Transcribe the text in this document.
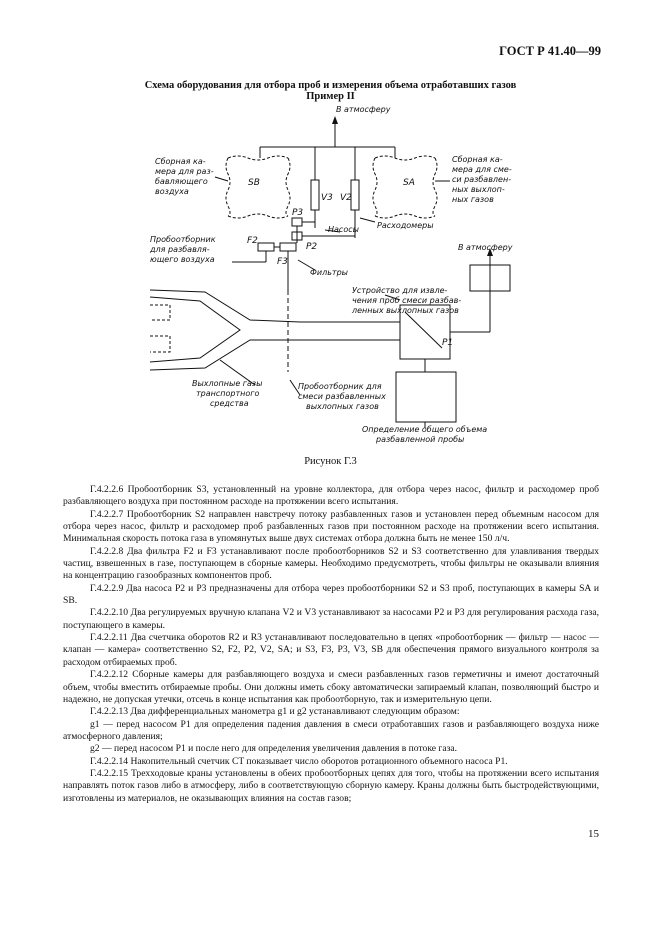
ГОСТ Р 41.40—99
Схема оборудования для отбора проб и измерения объема отработавших газов
Пример II
В атмосферу
В атмосферу
Сборная ка-
мера для раз-
бавляющего
воздуха
Сборная ка-
мера для сме-
си разбавлен-
ных выхлоп-
ных газов
SB	SA
V3 V2
P3
P2
F2
F3
P1
Насосы Расходомеры
Фильтры
Пробоотборник
для разбавля-
ющего воздуха
Устройство для извле-
чения проб смеси разбав-
ленных выхлопных газов
Выхлопные газы
транспортного
средства
Пробоотборник для
смеси разбавленных
выхлопных газов
Определение общего объема
разбавленной пробы
Рисунок Г.3

Г.4.2.2.6 Пробоотборник S3, установленный на уровне коллектора, для отбора через насос, фильтр и расходомер проб разбавляющего воздуха при постоянном расходе на протяжении всего испытания.

Г.4.2.2.7 Пробоотборник S2 направлен навстречу потоку разбавленных газов и установлен перед объемным насосом для отбора через насос, фильтр и расходомер проб разбавленных газов при постоянном расходе на протяжении всего испытания. Минимальная скорость потока газа в упомянутых выше двух системах отбора должна быть не менее 150 л/ч.

Г.4.2.2.8 Два фильтра F2 и F3 устанавливают после пробоотборников S2 и S3 соответственно для улавливания твердых частиц, взвешенных в газе, поступающем в сборные камеры. Необходимо предусмотреть, чтобы фильтры не оказывали влияния на концентрацию газообразных компонентов проб.

Г.4.2.2.9 Два насоса P2 и P3 предназначены для отбора через пробоотборники S2 и S3 проб, поступающих в камеры SA и SB.

Г.4.2.2.10 Два регулируемых вручную клапана V2 и V3 устанавливают за насосами P2 и P3 для регулирования расхода газа, поступающего в камеры.

Г.4.2.2.11 Два счетчика оборотов R2 и R3 устанавливают последовательно в цепях «пробоотборник — фильтр — насос — клапан — камера» соответственно S2, F2, P2, V2, SA; и S3, F3, P3, V3, SB для обеспечения прямого визуального контроля за расходом отбираемых проб.

Г.4.2.2.12 Сборные камеры для разбавляющего воздуха и смеси разбавленных газов герметичны и имеют достаточный объем, чтобы вместить отбираемые пробы. Они должны иметь сбоку автоматически запираемый клапан, позволяющий быстро и надежно, не допуская утечки, отсечь в конце испытания как пробоотборную, так и измерительную цепи.

Г.4.2.2.13 Два дифференциальных манометра g1 и g2 устанавливают следующим образом:

g1 — перед насосом P1 для определения падения давления в смеси отработавших газов и разбавляющего воздуха ниже атмосферного давления;

g2 — перед насосом P1 и после него для определения увеличения давления в потоке газа.

Г.4.2.2.14 Накопительный счетчик CT показывает число оборотов ротационного объемного насоса P1.

Г.4.2.2.15 Трехходовые краны установлены в обеих пробоотборных цепях для того, чтобы на протяжении всего испытания направлять поток газов либо в атмосферу, либо в соответствующую сборную камеру. Краны должны быть быстродействующими, изготовлены из материалов, не оказывающих влияния на состав газов;

15
